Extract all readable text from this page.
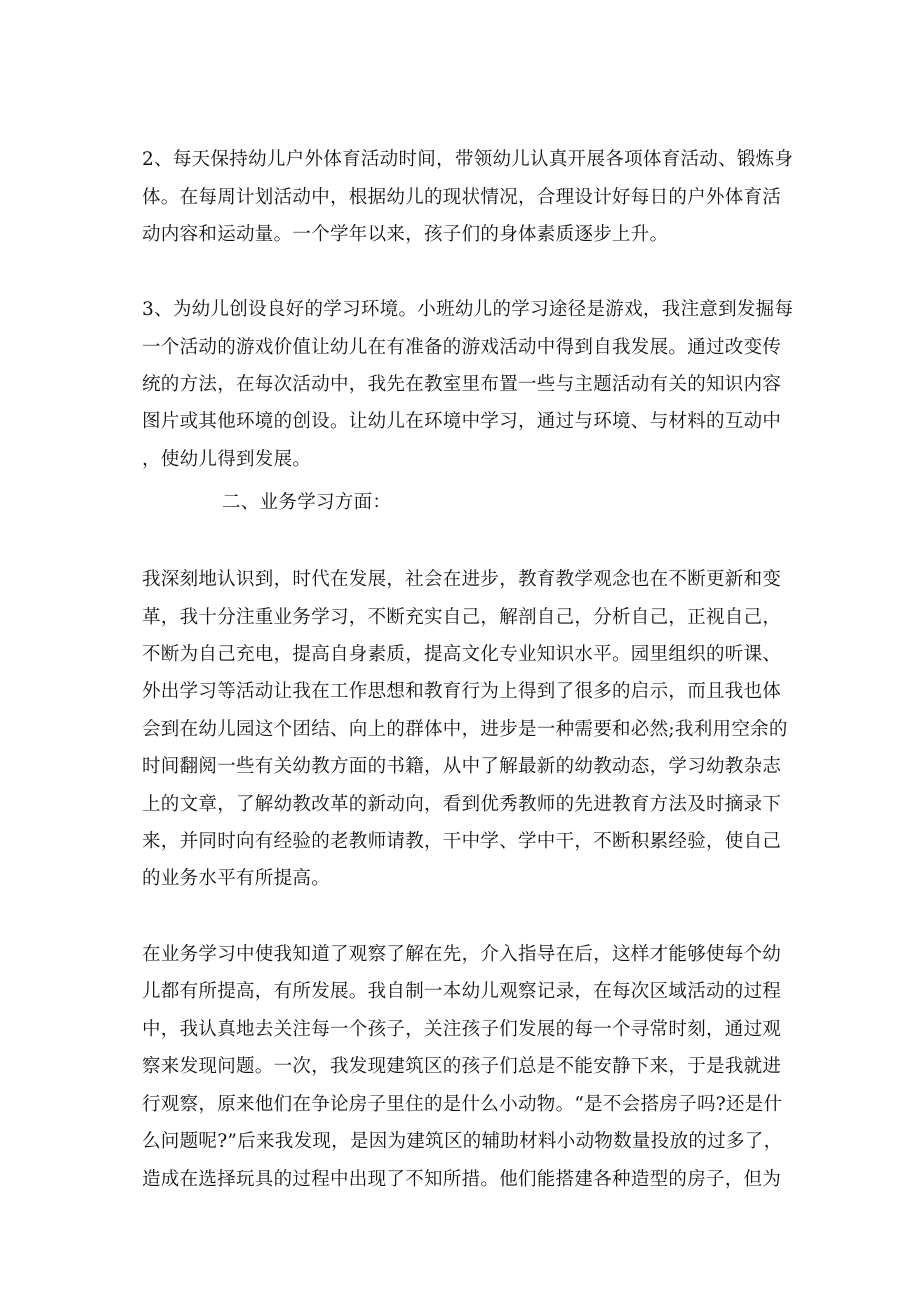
2、每天保持幼儿户外体育活动时间，带领幼儿认真开展各项体育活动、锻炼身
体。在每周计划活动中，根据幼儿的现状情况，合理设计好每日的户外体育活
动内容和运动量。一个学年以来，孩子们的身体素质逐步上升。
3、为幼儿创设良好的学习环境。小班幼儿的学习途径是游戏，我注意到发掘每
一个活动的游戏价值让幼儿在有准备的游戏活动中得到自我发展。通过改变传
统的方法，在每次活动中，我先在教室里布置一些与主题活动有关的知识内容
图片或其他环境的创设。让幼儿在环境中学习，通过与环境、与材料的互动中
，使幼儿得到发展。
二、业务学习方面：
我深刻地认识到，时代在发展，社会在进步，教育教学观念也在不断更新和变
革，我十分注重业务学习，不断充实自己，解剖自己，分析自己，正视自己，
不断为自己充电，提高自身素质，提高文化专业知识水平。园里组织的听课、
外出学习等活动让我在工作思想和教育行为上得到了很多的启示，而且我也体
会到在幼儿园这个团结、向上的群体中，进步是一种需要和必然;我利用空余的
时间翻阅一些有关幼教方面的书籍，从中了解最新的幼教动态，学习幼教杂志
上的文章，了解幼教改革的新动向，看到优秀教师的先进教育方法及时摘录下
来，并同时向有经验的老教师请教，干中学、学中干，不断积累经验，使自己
的业务水平有所提高。
在业务学习中使我知道了观察了解在先，介入指导在后，这样才能够使每个幼
儿都有所提高，有所发展。我自制一本幼儿观察记录，在每次区域活动的过程
中，我认真地去关注每一个孩子，关注孩子们发展的每一个寻常时刻，通过观
察来发现问题。一次，我发现建筑区的孩子们总是不能安静下来，于是我就进
行观察，原来他们在争论房子里住的是什么小动物。“是不会搭房子吗?还是什
么问题呢?”后来我发现，是因为建筑区的辅助材料小动物数量投放的过多了，
造成在选择玩具的过程中出现了不知所措。他们能搭建各种造型的房子，但为
